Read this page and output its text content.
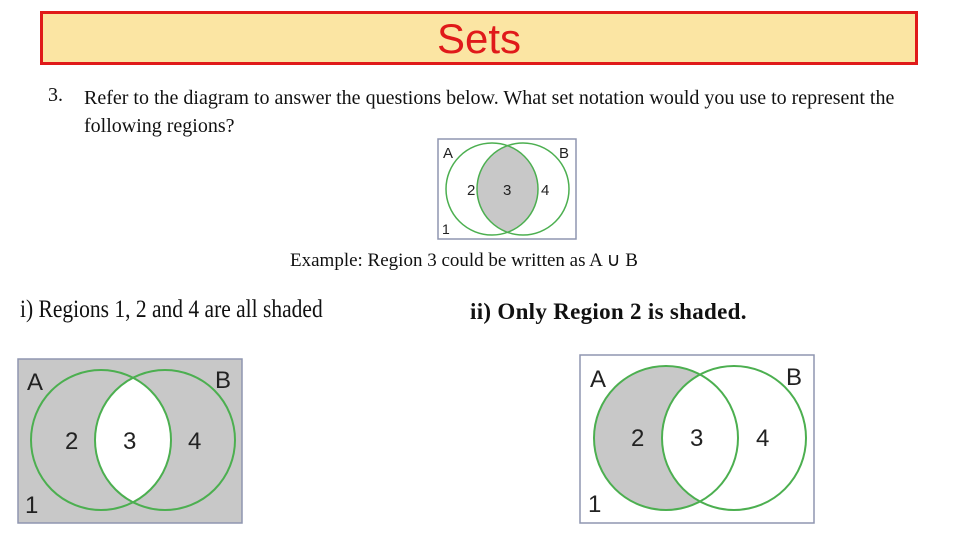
Sets
3. Refer to the diagram to answer the questions below. What set notation would you use to represent the following regions?
A	B
2 3 4
1
Example: Region 3 could be written as A ∪ B
i) Regions 1, 2 and 4 are all shaded	ii) Only Region 2 is shaded.
A	B
2 3 4
1
A	B
2 3 4
1
